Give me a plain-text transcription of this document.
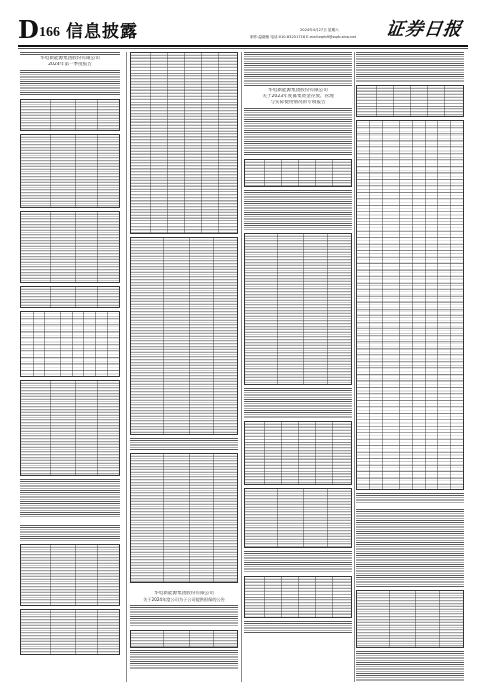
D 166 信息披露	2024年4月27日 星期六
制作:温晓敏 电话:010-83251716 E-mail:zqrb9@zqrb.sina.net 证券日报
华电新能源集团股份有限公司
2024年第一季度报告
华电新能源集团股份有限公司
关于2024年度公司为子公司提供担保的公告
华电新能源集团股份有限公司
关于2023年度募集资金存放、管理
与实际使用情况的专项报告
